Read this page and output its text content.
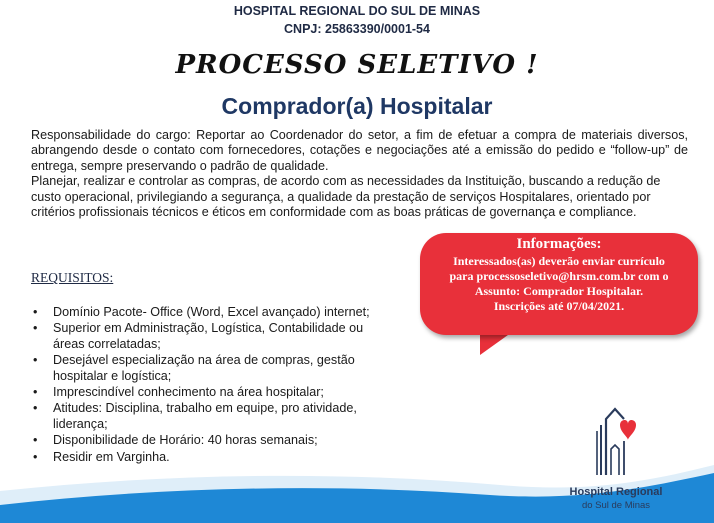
HOSPITAL REGIONAL DO SUL DE MINAS
CNPJ: 25863390/0001-54
PROCESSO SELETIVO !
Comprador(a) Hospitalar

Responsabilidade do cargo: Reportar ao Coordenador do setor, a fim de efetuar a compra de materiais diversos, abrangendo desde o contato com fornecedores, cotações e negociações até a emissão do pedido e “follow-up” de entrega, sempre preservando o padrão de qualidade.

Planejar, realizar e controlar as compras, de acordo com as necessidades da Instituição, buscando a redução de custo operacional, privilegiando a segurança, a qualidade da prestação de serviços Hospitalares, orientado por critérios profissionais técnicos e éticos em conformidade com as boas práticas de governança e compliance.

REQUISITOS:
• Domínio Pacote- Office (Word, Excel avançado) internet;
• Superior em Administração, Logística, Contabilidade ou áreas correlatadas;
• Desejável especialização na área de compras, gestão hospitalar e logística;
• Imprescindível conhecimento na área hospitalar;
• Atitudes: Disciplina, trabalho em equipe, pro atividade, liderança;
• Disponibilidade de Horário: 40 horas semanais;
• Residir em Varginha.
Informações:
Interessados(as) deverão enviar currículo
para processoseletivo@hrsm.com.br com o
Assunto: Comprador Hospitalar.
Inscrições até 07/04/2021.
Hospital Regional
do Sul de Minas
